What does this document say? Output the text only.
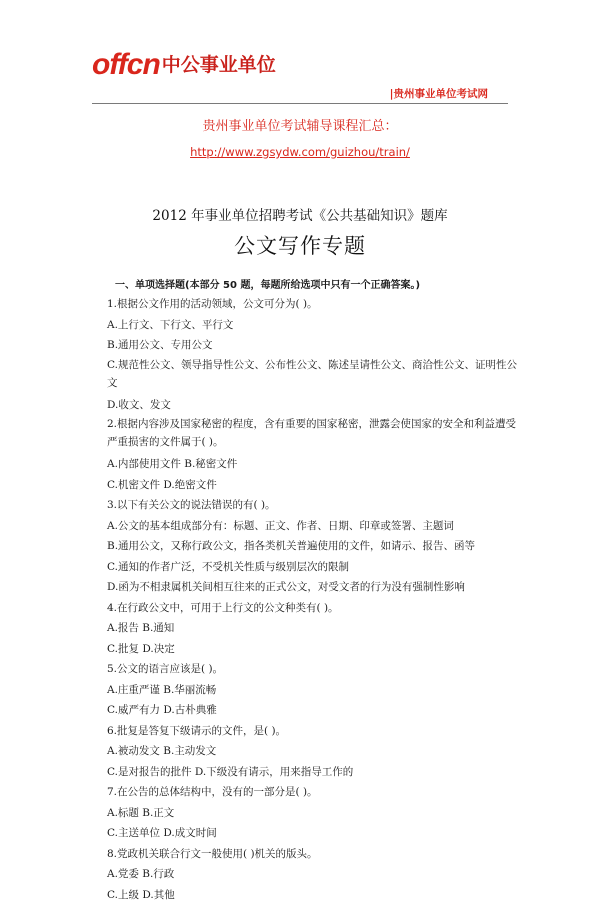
offcn 中公事业单位
|贵州事业单位考试网
贵州事业单位考试辅导课程汇总：
http://www.zgsydw.com/guizhou/train/
2012 年事业单位招聘考试《公共基础知识》题库
公文写作专题
一、单项选择题(本部分 50 题，每题所给选项中只有一个正确答案。)
1.根据公文作用的活动领域，公文可分为( )。
A.上行文、下行文、平行文
B.通用公文、专用公文
C.规范性公文、领导指导性公文、公布性公文、陈述呈请性公文、商洽性公文、证明性公文
D.收文、发文
2.根据内容涉及国家秘密的程度，含有重要的国家秘密，泄露会使国家的安全和利益遭受严重损害的文件属于( )。
A.内部使用文件 B.秘密文件
C.机密文件 D.绝密文件
3.以下有关公文的说法错误的有( )。
A.公文的基本组成部分有：标题、正文、作者、日期、印章或签署、主题词
B.通用公文，又称行政公文，指各类机关普遍使用的文件，如请示、报告、函等
C.通知的作者广泛，不受机关性质与级别层次的限制
D.函为不相隶属机关间相互往来的正式公文，对受文者的行为没有强制性影响
4.在行政公文中，可用于上行文的公文种类有( )。
A.报告 B.通知
C.批复 D.决定
5.公文的语言应该是( )。
A.庄重严谨 B.华丽流畅
C.威严有力 D.古朴典雅
6.批复是答复下级请示的文件，是( )。
A.被动发文 B.主动发文
C.是对报告的批件 D.下级没有请示，用来指导工作的
7.在公告的总体结构中，没有的一部分是( )。
A.标题 B.正文
C.主送单位 D.成文时间
8.党政机关联合行文一般使用( )机关的版头。
A.党委 B.行政
C.上级 D.其他
